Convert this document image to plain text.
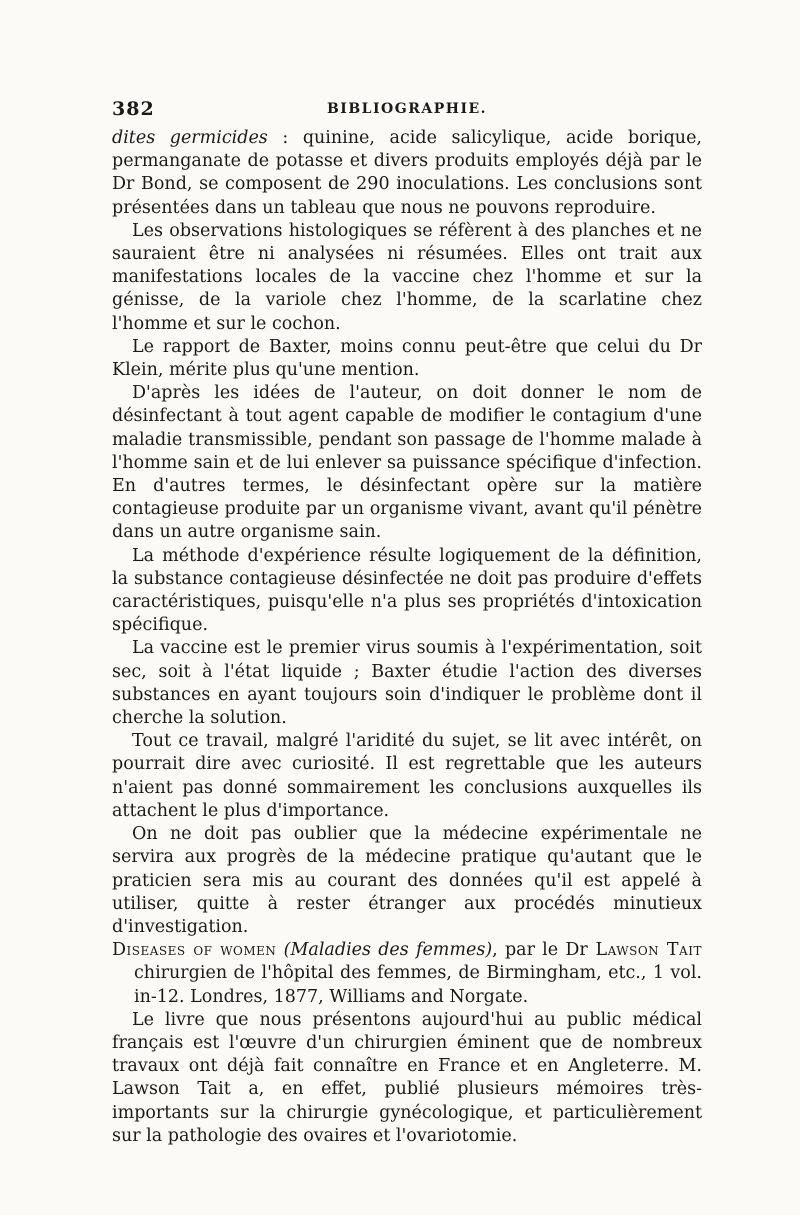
382	BIBLIOGRAPHIE.

dites germicides : quinine, acide salicylique, acide borique, permanganate de potasse et divers produits employés déjà par le Dr Bond, se composent de 290 inoculations. Les conclusions sont présentées dans un tableau que nous ne pouvons reproduire.

Les observations histologiques se réfèrent à des planches et ne sauraient être ni analysées ni résumées. Elles ont trait aux manifestations locales de la vaccine chez l'homme et sur la génisse, de la variole chez l'homme, de la scarlatine chez l'homme et sur le cochon.

Le rapport de Baxter, moins connu peut-être que celui du Dr Klein, mérite plus qu'une mention.

D'après les idées de l'auteur, on doit donner le nom de désinfectant à tout agent capable de modifier le contagium d'une maladie transmissible, pendant son passage de l'homme malade à l'homme sain et de lui enlever sa puissance spécifique d'infection. En d'autres termes, le désinfectant opère sur la matière contagieuse produite par un organisme vivant, avant qu'il pénètre dans un autre organisme sain.

La méthode d'expérience résulte logiquement de la définition, la substance contagieuse désinfectée ne doit pas produire d'effets caractéristiques, puisqu'elle n'a plus ses propriétés d'intoxication spécifique.

La vaccine est le premier virus soumis à l'expérimentation, soit sec, soit à l'état liquide ; Baxter étudie l'action des diverses substances en ayant toujours soin d'indiquer le problème dont il cherche la solution.

Tout ce travail, malgré l'aridité du sujet, se lit avec intérêt, on pourrait dire avec curiosité. Il est regrettable que les auteurs n'aient pas donné sommairement les conclusions auxquelles ils attachent le plus d'importance.

On ne doit pas oublier que la médecine expérimentale ne servira aux progrès de la médecine pratique qu'autant que le praticien sera mis au courant des données qu'il est appelé à utiliser, quitte à rester étranger aux procédés minutieux d'investigation.

Diseases of women (Maladies des femmes), par le Dr Lawson Tait chirurgien de l'hôpital des femmes, de Birmingham, etc., 1 vol. in-12. Londres, 1877, Williams and Norgate.

Le livre que nous présentons aujourd'hui au public médical français est l'œuvre d'un chirurgien éminent que de nombreux travaux ont déjà fait connaître en France et en Angleterre. M. Lawson Tait a, en effet, publié plusieurs mémoires très-importants sur la chirurgie gynécologique, et particulièrement sur la pathologie des ovaires et l'ovariotomie.
